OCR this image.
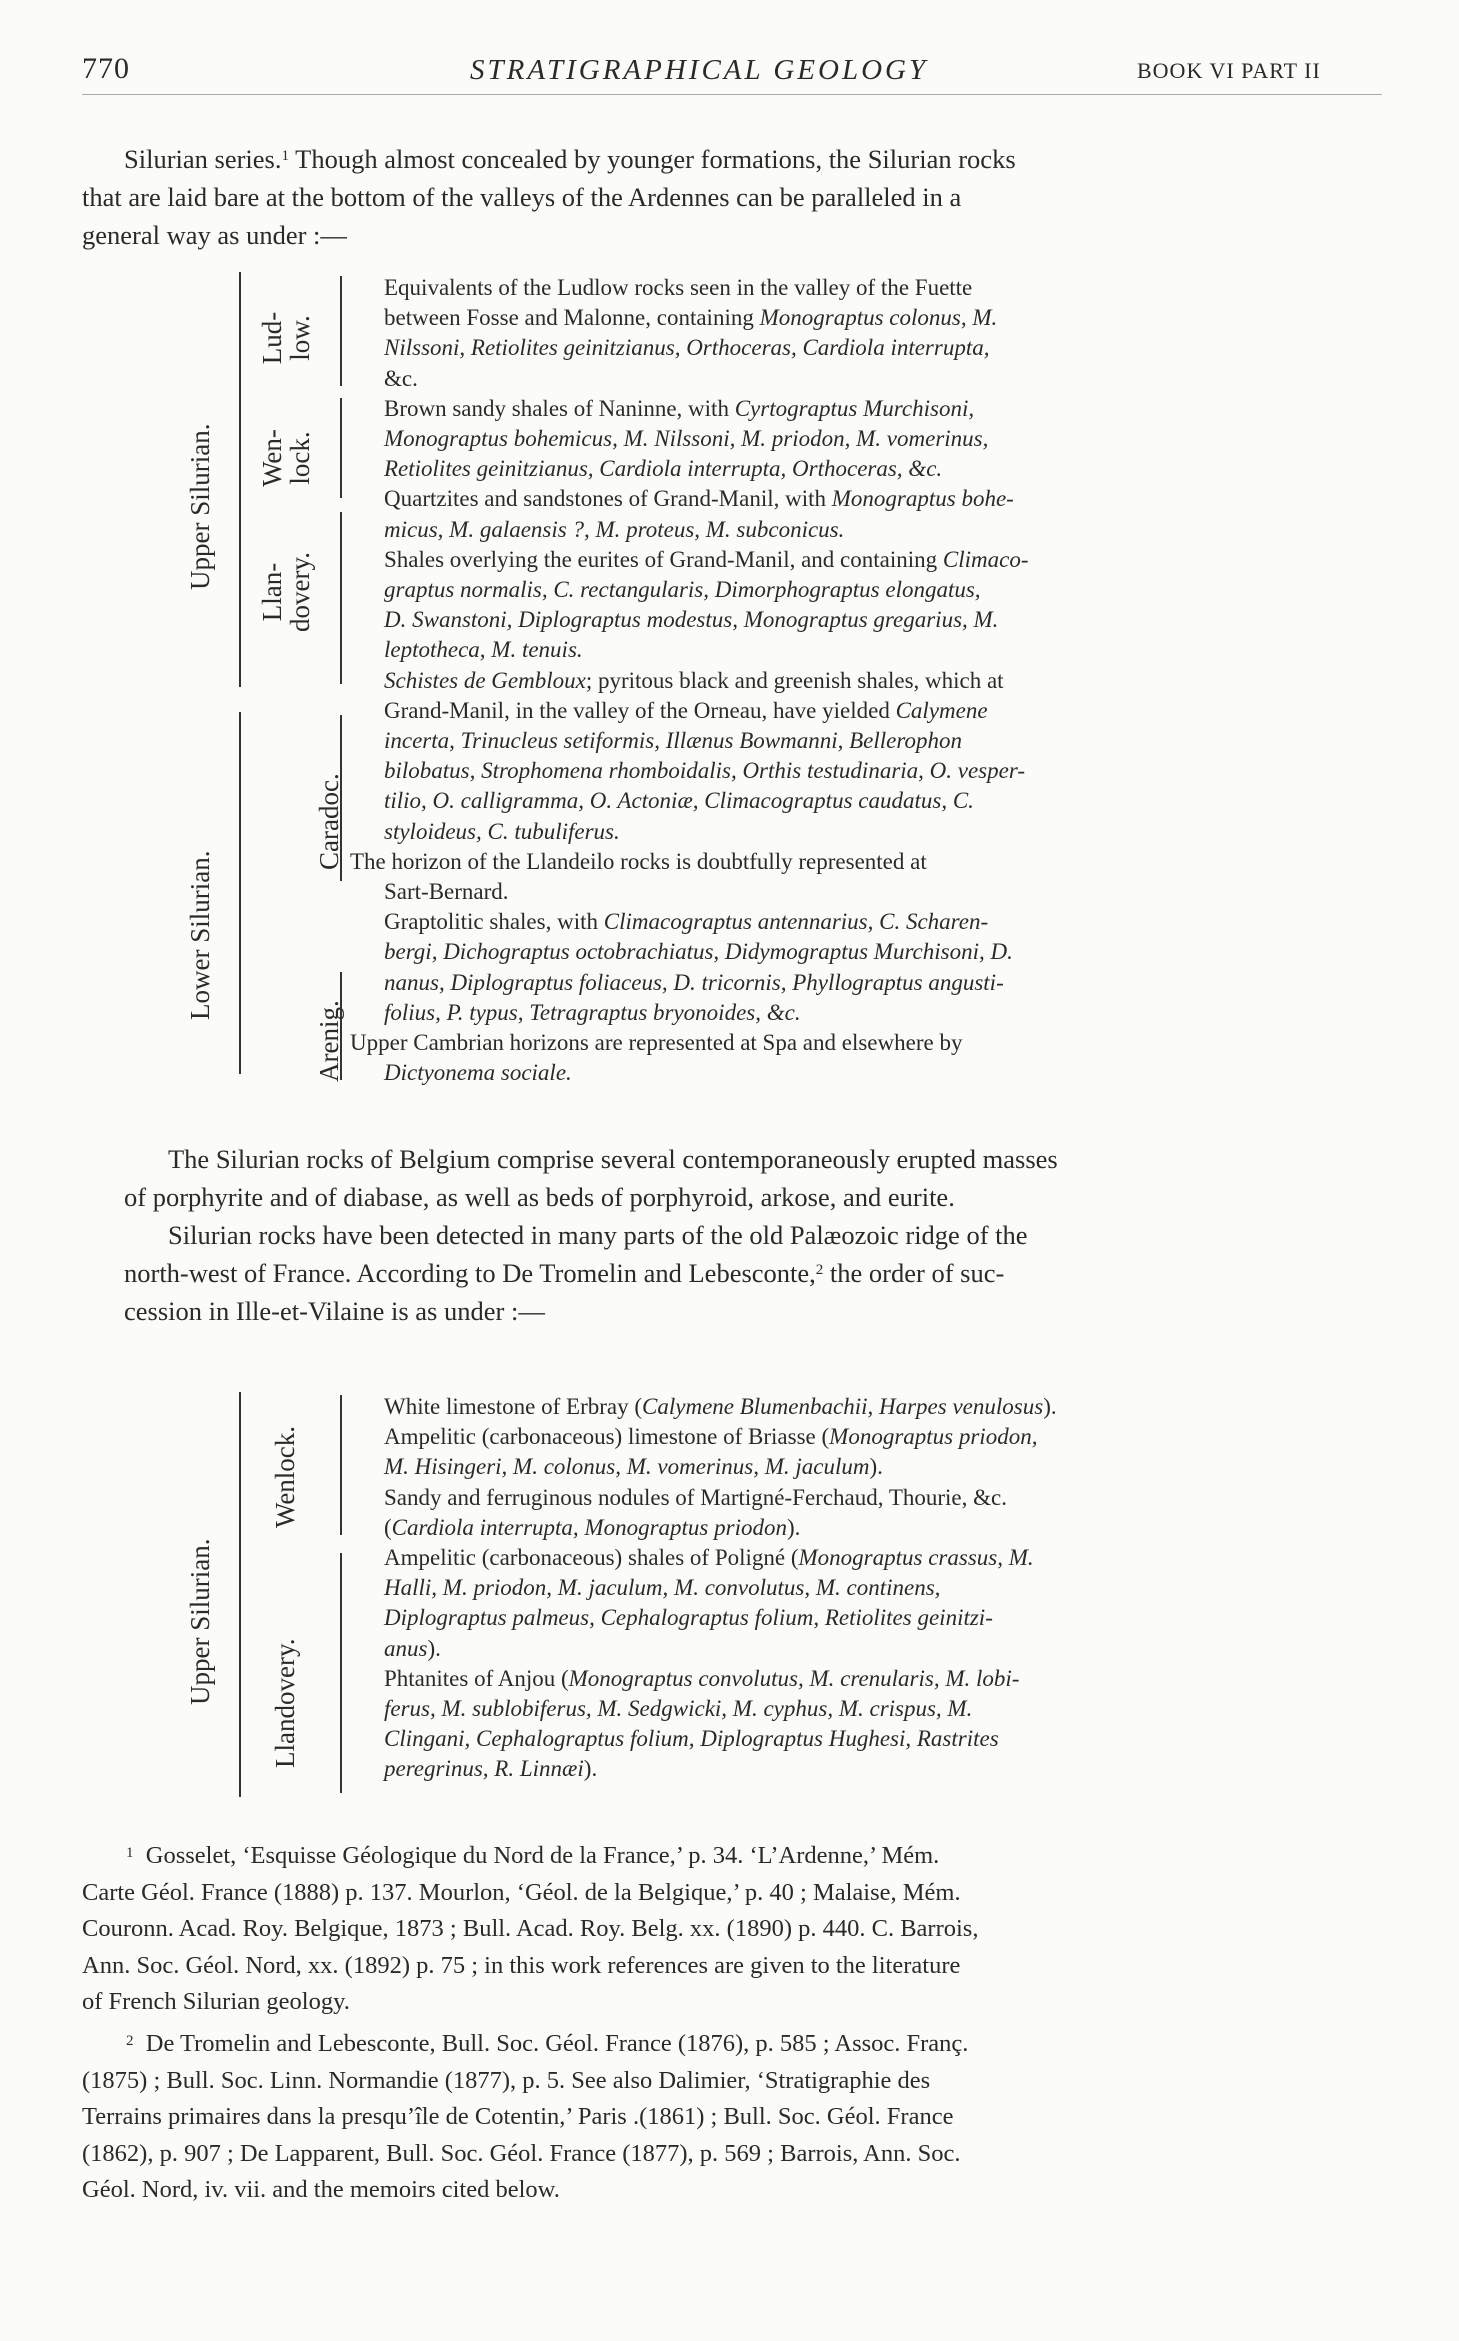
770	STRATIGRAPHICAL GEOLOGY	BOOK VI PART II
Silurian series.$^1$ Though almost concealed by younger formations, the Silurian rocks
that are laid bare at the bottom of the valleys of the Ardennes can be paralleled in a
general way as under :—
Upper Silurian.
Lower Silurian.
Lud-
low.
Wen-
lock.
Llan-
dovery.
Caradoc.
Arenig.
Equivalents of the Ludlow rocks seen in the valley of the Fuette
between Fosse and Malonne, containing Monograptus colonus, M.
Nilssoni, Retiolites geinitzianus, Orthoceras, Cardiola interrupta,
&c.
Brown sandy shales of Naninne, with Cyrtograptus Murchisoni,
Monograptus bohemicus, M. Nilssoni, M. priodon, M. vomerinus,
Retiolites geinitzianus, Cardiola interrupta, Orthoceras, &c.
Quartzites and sandstones of Grand-Manil, with Monograptus bohe-
micus, M. galaensis ?, M. proteus, M. subconicus.
Shales overlying the eurites of Grand-Manil, and containing Climaco-
graptus normalis, C. rectangularis, Dimorphograptus elongatus,
D. Swanstoni, Diplograptus modestus, Monograptus gregarius, M.
leptotheca, M. tenuis.
Schistes de Gembloux; pyritous black and greenish shales, which at
Grand-Manil, in the valley of the Orneau, have yielded Calymene
incerta, Trinucleus setiformis, Illænus Bowmanni, Bellerophon
bilobatus, Strophomena rhomboidalis, Orthis testudinaria, O. vesper-
tilio, O. calligramma, O. Actoniæ, Climacograptus caudatus, C.
styloideus, C. tubuliferus.
The horizon of the Llandeilo rocks is doubtfully represented at
Sart-Bernard.
Graptolitic shales, with Climacograptus antennarius, C. Scharen-
bergi, Dichograptus octobrachiatus, Didymograptus Murchisoni, D.
nanus, Diplograptus foliaceus, D. tricornis, Phyllograptus angusti-
folius, P. typus, Tetragraptus bryonoides, &c.
Upper Cambrian horizons are represented at Spa and elsewhere by
Dictyonema sociale.
The Silurian rocks of Belgium comprise several contemporaneously erupted masses
of porphyrite and of diabase, as well as beds of porphyroid, arkose, and eurite.
Silurian rocks have been detected in many parts of the old Palæozoic ridge of the
north-west of France. According to De Tromelin and Lebesconte,$^2$ the order of suc-
cession in Ille-et-Vilaine is as under :—
Upper Silurian.
Wenlock.
Llandovery.
White limestone of Erbray (Calymene Blumenbachii, Harpes venulosus).
Ampelitic (carbonaceous) limestone of Briasse (Monograptus priodon,
M. Hisingeri, M. colonus, M. vomerinus, M. jaculum).
Sandy and ferruginous nodules of Martigné-Ferchaud, Thourie, &c.
(Cardiola interrupta, Monograptus priodon).
Ampelitic (carbonaceous) shales of Poligné (Monograptus crassus, M.
Halli, M. priodon, M. jaculum, M. convolutus, M. continens,
Diplograptus palmeus, Cephalograptus folium, Retiolites geinitzi-
anus).
Phtanites of Anjou (Monograptus convolutus, M. crenularis, M. lobi-
ferus, M. sublobiferus, M. Sedgwicki, M. cyphus, M. crispus, M.
Clingani, Cephalograptus folium, Diplograptus Hughesi, Rastrites
peregrinus, R. Linnæi).
$^1$ Gosselet, ‘Esquisse Géologique du Nord de la France,’ p. 34. ‘L’Ardenne,’ Mém.
Carte Géol. France (1888) p. 137. Mourlon, ‘Géol. de la Belgique,’ p. 40 ; Malaise, Mém.
Couronn. Acad. Roy. Belgique, 1873 ; Bull. Acad. Roy. Belg. xx. (1890) p. 440. C. Barrois,
Ann. Soc. Géol. Nord, xx. (1892) p. 75 ; in this work references are given to the literature
of French Silurian geology.
$^2$ De Tromelin and Lebesconte, Bull. Soc. Géol. France (1876), p. 585 ; Assoc. Franç.
(1875) ; Bull. Soc. Linn. Normandie (1877), p. 5. See also Dalimier, ‘Stratigraphie des
Terrains primaires dans la presqu’île de Cotentin,’ Paris .(1861) ; Bull. Soc. Géol. France
(1862), p. 907 ; De Lapparent, Bull. Soc. Géol. France (1877), p. 569 ; Barrois, Ann. Soc.
Géol. Nord, iv. vii. and the memoirs cited below.
